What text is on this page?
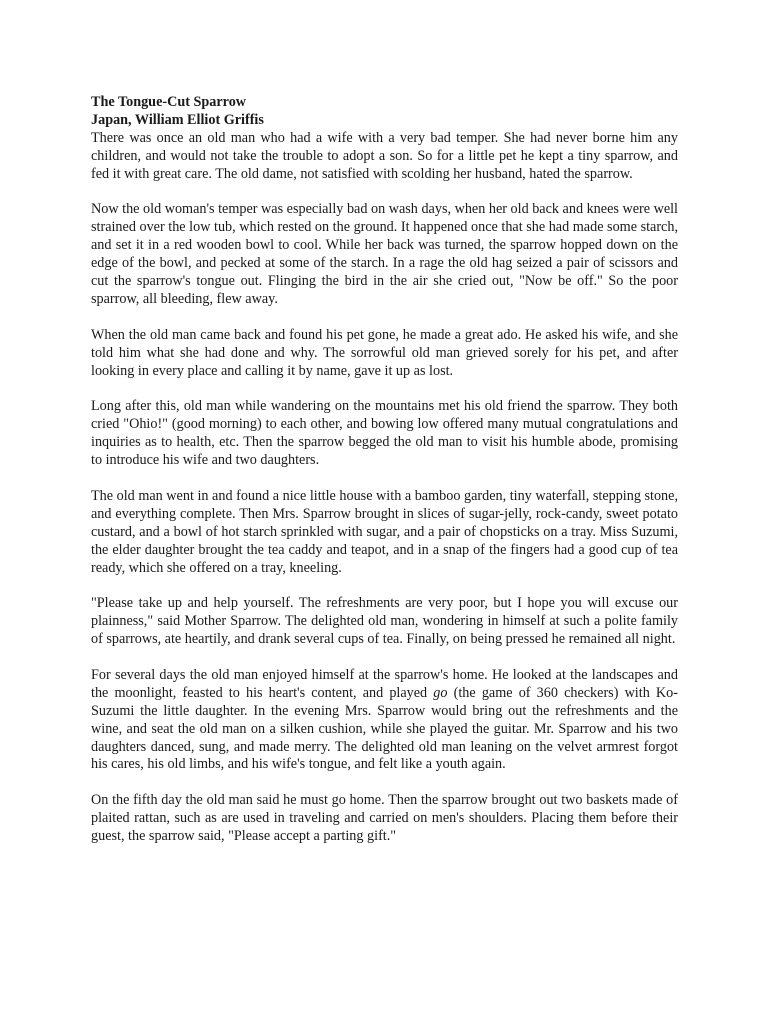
The Tongue-Cut Sparrow
Japan, William Elliot Griffis

There was once an old man who had a wife with a very bad temper. She had never borne him any children, and would not take the trouble to adopt a son. So for a little pet he kept a tiny sparrow, and fed it with great care. The old dame, not satisfied with scolding her husband, hated the sparrow.

Now the old woman's temper was especially bad on wash days, when her old back and knees were well strained over the low tub, which rested on the ground. It happened once that she had made some starch, and set it in a red wooden bowl to cool. While her back was turned, the sparrow hopped down on the edge of the bowl, and pecked at some of the starch. In a rage the old hag seized a pair of scissors and cut the sparrow's tongue out. Flinging the bird in the air she cried out, "Now be off." So the poor sparrow, all bleeding, flew away.

When the old man came back and found his pet gone, he made a great ado. He asked his wife, and she told him what she had done and why. The sorrowful old man grieved sorely for his pet, and after looking in every place and calling it by name, gave it up as lost.

Long after this, old man while wandering on the mountains met his old friend the sparrow. They both cried "Ohio!" (good morning) to each other, and bowing low offered many mutual congratulations and inquiries as to health, etc. Then the sparrow begged the old man to visit his humble abode, promising to introduce his wife and two daughters.

The old man went in and found a nice little house with a bamboo garden, tiny waterfall, stepping stone, and everything complete. Then Mrs. Sparrow brought in slices of sugar-jelly, rock-candy, sweet potato custard, and a bowl of hot starch sprinkled with sugar, and a pair of chopsticks on a tray. Miss Suzumi, the elder daughter brought the tea caddy and teapot, and in a snap of the fingers had a good cup of tea ready, which she offered on a tray, kneeling.

"Please take up and help yourself. The refreshments are very poor, but I hope you will excuse our plainness," said Mother Sparrow. The delighted old man, wondering in himself at such a polite family of sparrows, ate heartily, and drank several cups of tea. Finally, on being pressed he remained all night.

For several days the old man enjoyed himself at the sparrow's home. He looked at the landscapes and the moonlight, feasted to his heart's content, and played go (the game of 360 checkers) with Ko-Suzumi the little daughter. In the evening Mrs. Sparrow would bring out the refreshments and the wine, and seat the old man on a silken cushion, while she played the guitar. Mr. Sparrow and his two daughters danced, sung, and made merry. The delighted old man leaning on the velvet armrest forgot his cares, his old limbs, and his wife's tongue, and felt like a youth again.

On the fifth day the old man said he must go home. Then the sparrow brought out two baskets made of plaited rattan, such as are used in traveling and carried on men's shoulders. Placing them before their guest, the sparrow said, "Please accept a parting gift."
